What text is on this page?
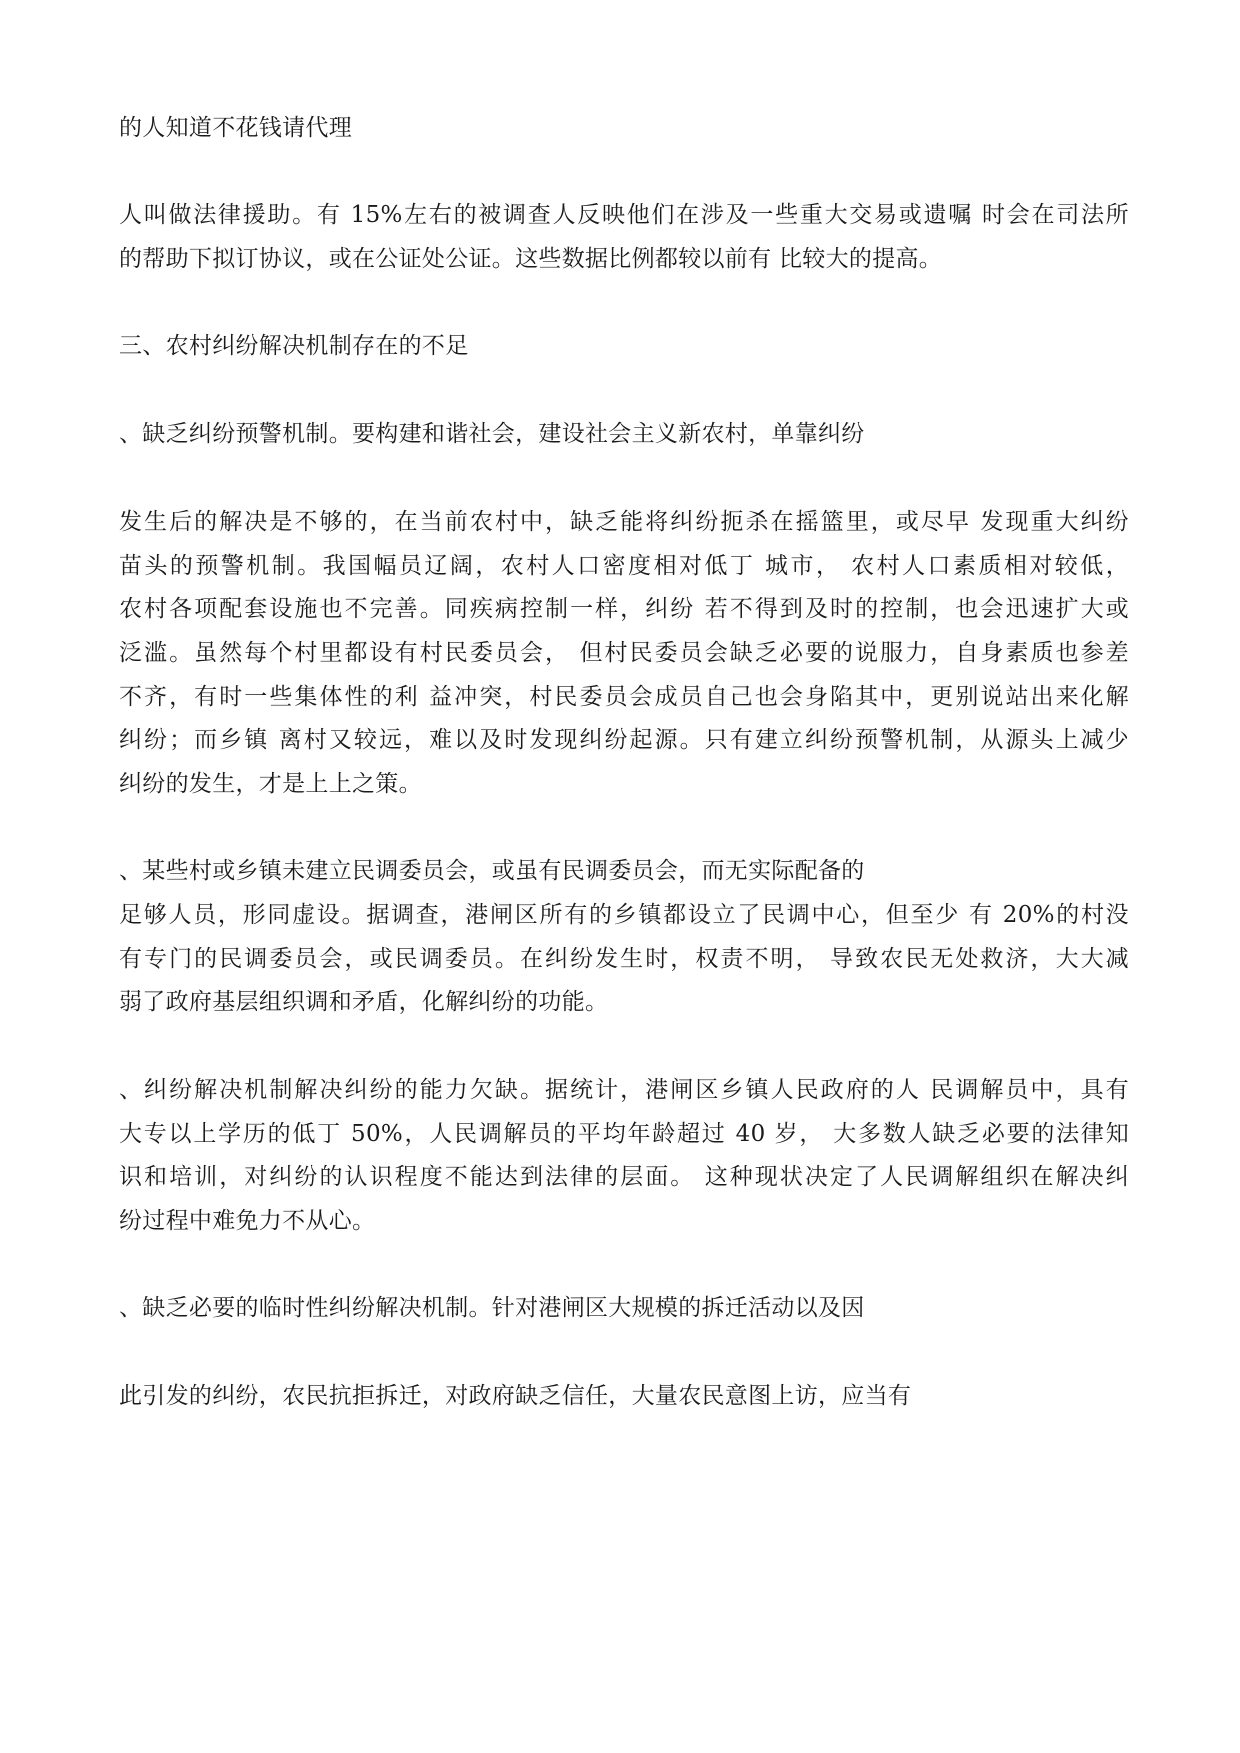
的人知道不花钱请代理
人叫做法律援助。有 15%左右的被调查人反映他们在涉及一些重大交易或遗嘱 时会在司法所
的帮助下拟订协议，或在公证处公证。这些数据比例都较以前有 比较大的提高。
三、农村纠纷解决机制存在的不足
、缺乏纠纷预警机制。要构建和谐社会，建设社会主义新农村，单靠纠纷
发生后的解决是不够的，在当前农村中，缺乏能将纠纷扼杀在摇篮里，或尽早 发现重大纠纷
苗头的预警机制。我国幅员辽阔，农村人口密度相对低丁 城市， 农村人口素质相对较低，
农村各项配套设施也不完善。同疾病控制一样，纠纷 若不得到及时的控制，也会迅速扩大或
泛滥。虽然每个村里都设有村民委员会， 但村民委员会缺乏必要的说服力，自身素质也参差
不齐，有时一些集体性的利 益冲突，村民委员会成员自己也会身陷其中，更别说站出来化解
纠纷；而乡镇 离村又较远，难以及时发现纠纷起源。只有建立纠纷预警机制，从源头上减少
纠纷的发生，才是上上之策。
、某些村或乡镇未建立民调委员会，或虽有民调委员会，而无实际配备的
足够人员，形同虚设。据调查，港闸区所有的乡镇都设立了民调中心，但至少 有 20%的村没
有专门的民调委员会，或民调委员。在纠纷发生时，权责不明， 导致农民无处救济，大大减
弱了政府基层组织调和矛盾，化解纠纷的功能。
、纠纷解决机制解决纠纷的能力欠缺。据统计，港闸区乡镇人民政府的人 民调解员中，具有
大专以上学历的低丁 50%，人民调解员的平均年龄超过 40 岁， 大多数人缺乏必要的法律知
识和培训，对纠纷的认识程度不能达到法律的层面。 这种现状决定了人民调解组织在解决纠
纷过程中难免力不从心。
、缺乏必要的临时性纠纷解决机制。针对港闸区大规模的拆迁活动以及因
此引发的纠纷，农民抗拒拆迁，对政府缺乏信任，大量农民意图上访，应当有
